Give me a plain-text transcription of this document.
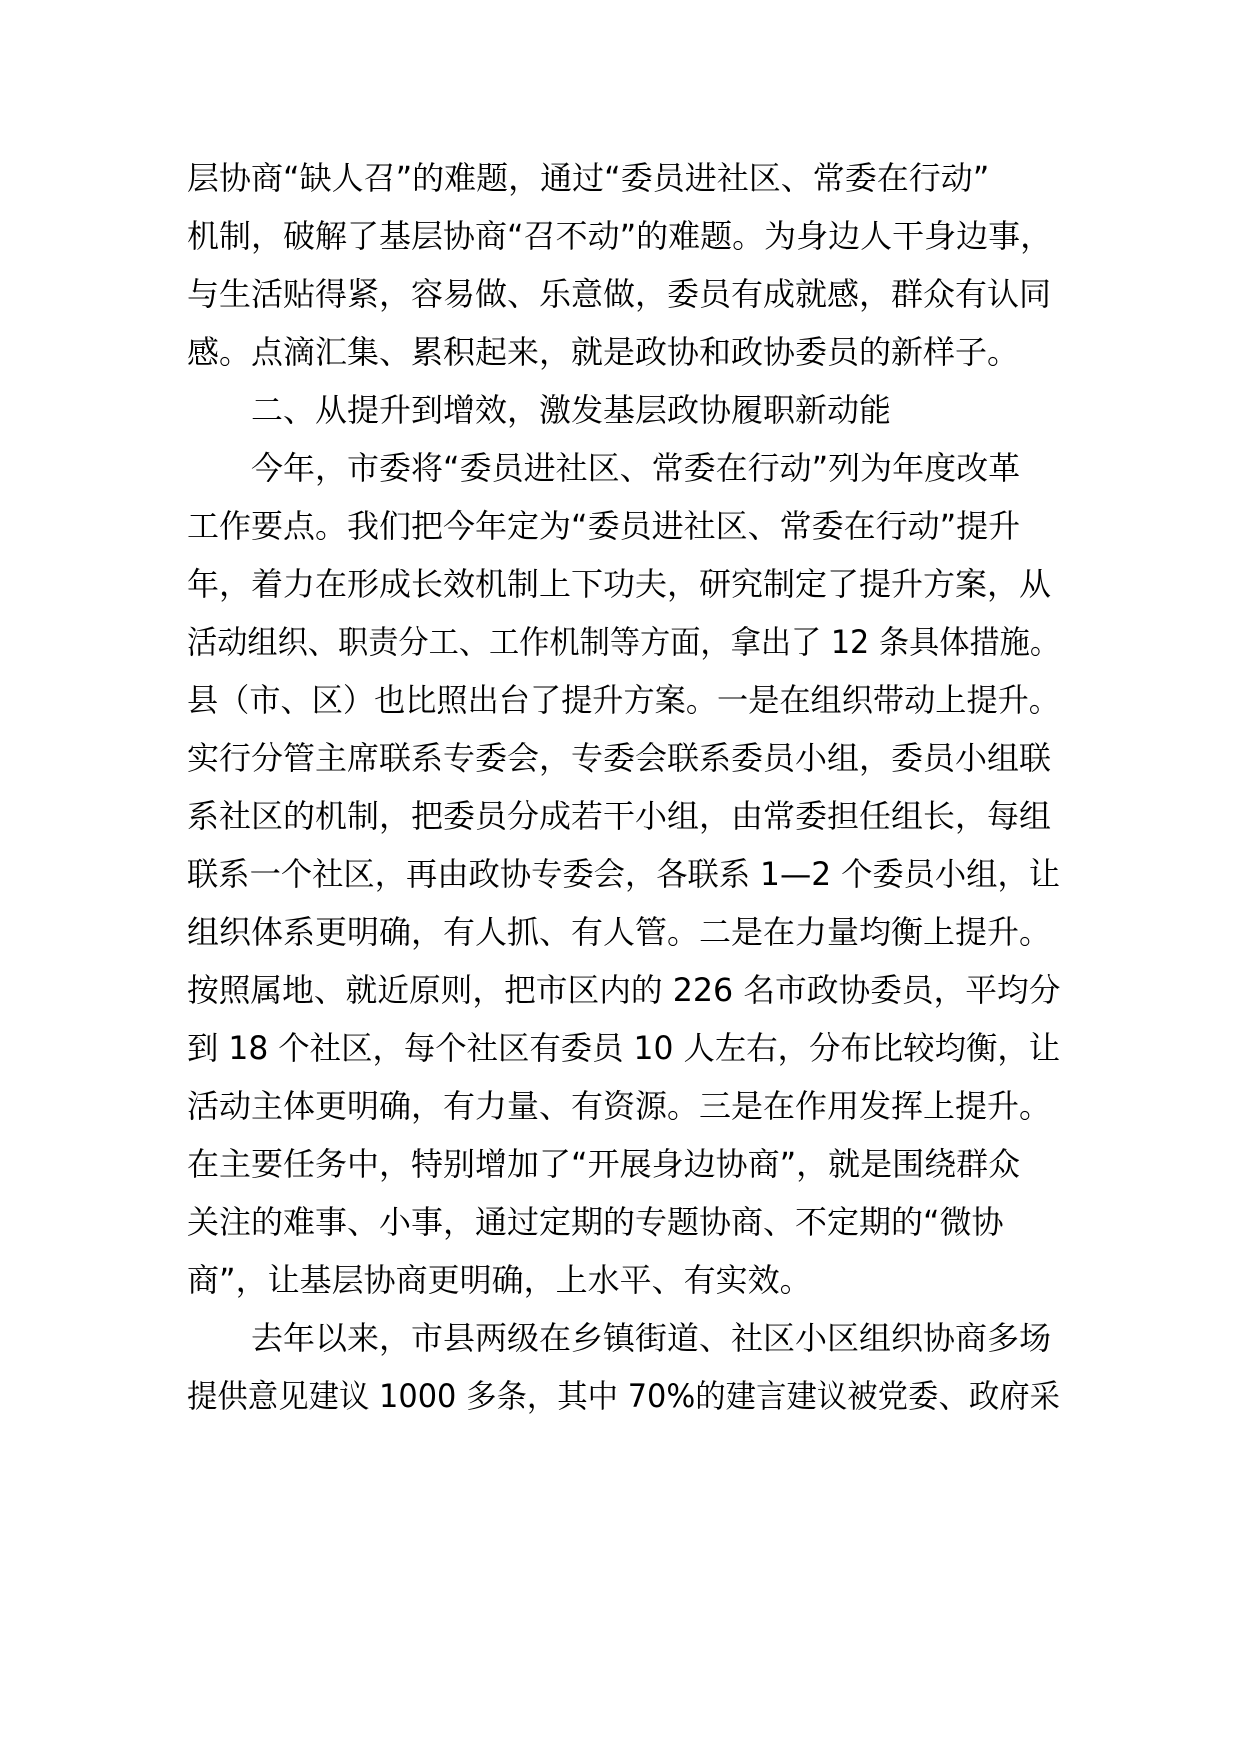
层协商“缺人召”的难题，通过“委员进社区、常委在行动”
机制，破解了基层协商“召不动”的难题。为身边人干身边事，
与生活贴得紧，容易做、乐意做，委员有成就感，群众有认同
感。点滴汇集、累积起来，就是政协和政协委员的新样子。
二、从提升到增效，激发基层政协履职新动能
今年，市委将“委员进社区、常委在行动”列为年度改革
工作要点。我们把今年定为“委员进社区、常委在行动”提升
年，着力在形成长效机制上下功夫，研究制定了提升方案，从
活动组织、职责分工、工作机制等方面，拿出了 12 条具体措施。
县（市、区）也比照出台了提升方案。一是在组织带动上提升。
实行分管主席联系专委会，专委会联系委员小组，委员小组联
系社区的机制，把委员分成若干小组，由常委担任组长，每组
联系一个社区，再由政协专委会，各联系 1—2 个委员小组，让
组织体系更明确，有人抓、有人管。二是在力量均衡上提升。
按照属地、就近原则，把市区内的 226 名市政协委员，平均分
到 18 个社区，每个社区有委员 10 人左右，分布比较均衡，让
活动主体更明确，有力量、有资源。三是在作用发挥上提升。
在主要任务中，特别增加了“开展身边协商”，就是围绕群众
关注的难事、小事，通过定期的专题协商、不定期的“微协
商”，让基层协商更明确，上水平、有实效。
去年以来，市县两级在乡镇街道、社区小区组织协商多场
提供意见建议 1000 多条，其中 70%的建言建议被党委、政府采
